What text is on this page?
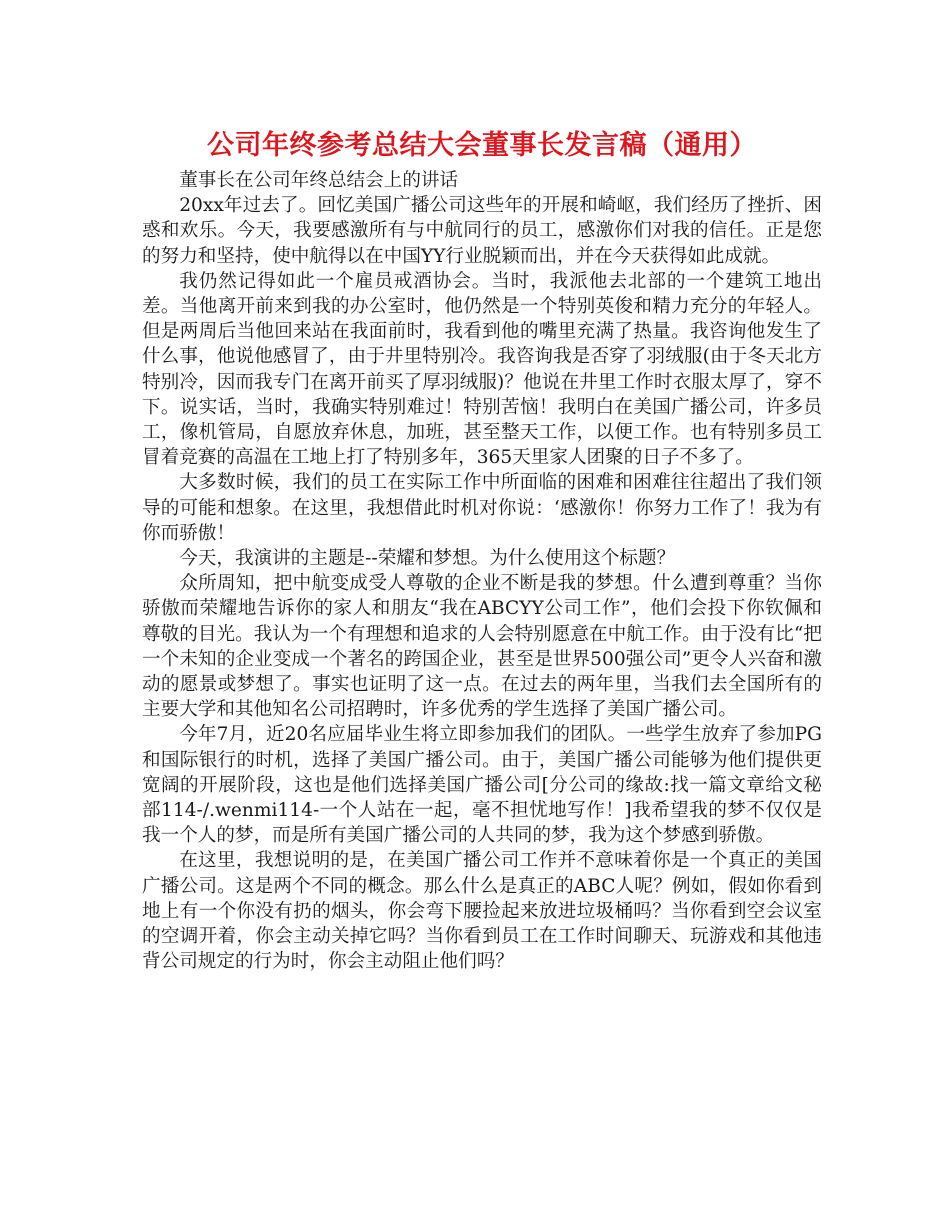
公司年终参考总结大会董事长发言稿（通用）

董事长在公司年终总结会上的讲话

20xx年过去了。回忆美国广播公司这些年的开展和崎岖，我们经历了挫折、困惑和欢乐。今天，我要感激所有与中航同行的员工，感激你们对我的信任。正是您的努力和坚持，使中航得以在中国YY行业脱颖而出，并在今天获得如此成就。

我仍然记得如此一个雇员戒酒协会。当时，我派他去北部的一个建筑工地出差。当他离开前来到我的办公室时，他仍然是一个特别英俊和精力充分的年轻人。但是两周后当他回来站在我面前时，我看到他的嘴里充满了热量。我咨询他发生了什么事，他说他感冒了，由于井里特别冷。我咨询我是否穿了羽绒服(由于冬天北方特别冷，因而我专门在离开前买了厚羽绒服)？他说在井里工作时衣服太厚了，穿不下。说实话，当时，我确实特别难过！特别苦恼！我明白在美国广播公司，许多员工，像机管局，自愿放弃休息，加班，甚至整天工作，以便工作。也有特别多员工冒着竞赛的高温在工地上打了特别多年，365天里家人团聚的日子不多了。

大多数时候，我们的员工在实际工作中所面临的困难和困难往往超出了我们领导的可能和想象。在这里，我想借此时机对你说：‘感激你！你努力工作了！我为有你而骄傲！

今天，我演讲的主题是--荣耀和梦想。为什么使用这个标题？

众所周知，把中航变成受人尊敬的企业不断是我的梦想。什么遭到尊重？当你骄傲而荣耀地告诉你的家人和朋友“我在ABCYY公司工作”，他们会投下你钦佩和尊敬的目光。我认为一个有理想和追求的人会特别愿意在中航工作。由于没有比“把一个未知的企业变成一个著名的跨国企业，甚至是世界500强公司”更令人兴奋和激动的愿景或梦想了。事实也证明了这一点。在过去的两年里，当我们去全国所有的主要大学和其他知名公司招聘时，许多优秀的学生选择了美国广播公司。

今年7月，近20名应届毕业生将立即参加我们的团队。一些学生放弃了参加PG和国际银行的时机，选择了美国广播公司。由于，美国广播公司能够为他们提供更宽阔的开展阶段，这也是他们选择美国广播公司[分公司的缘故:找一篇文章给文秘部114-/.wenmi114-一个人站在一起，毫不担忧地写作！]我希望我的梦不仅仅是我一个人的梦，而是所有美国广播公司的人共同的梦，我为这个梦感到骄傲。

在这里，我想说明的是，在美国广播公司工作并不意味着你是一个真正的美国广播公司。这是两个不同的概念。那么什么是真正的ABC人呢？例如，假如你看到地上有一个你没有扔的烟头，你会弯下腰捡起来放进垃圾桶吗？当你看到空会议室的空调开着，你会主动关掉它吗？当你看到员工在工作时间聊天、玩游戏和其他违背公司规定的行为时，你会主动阻止他们吗？
